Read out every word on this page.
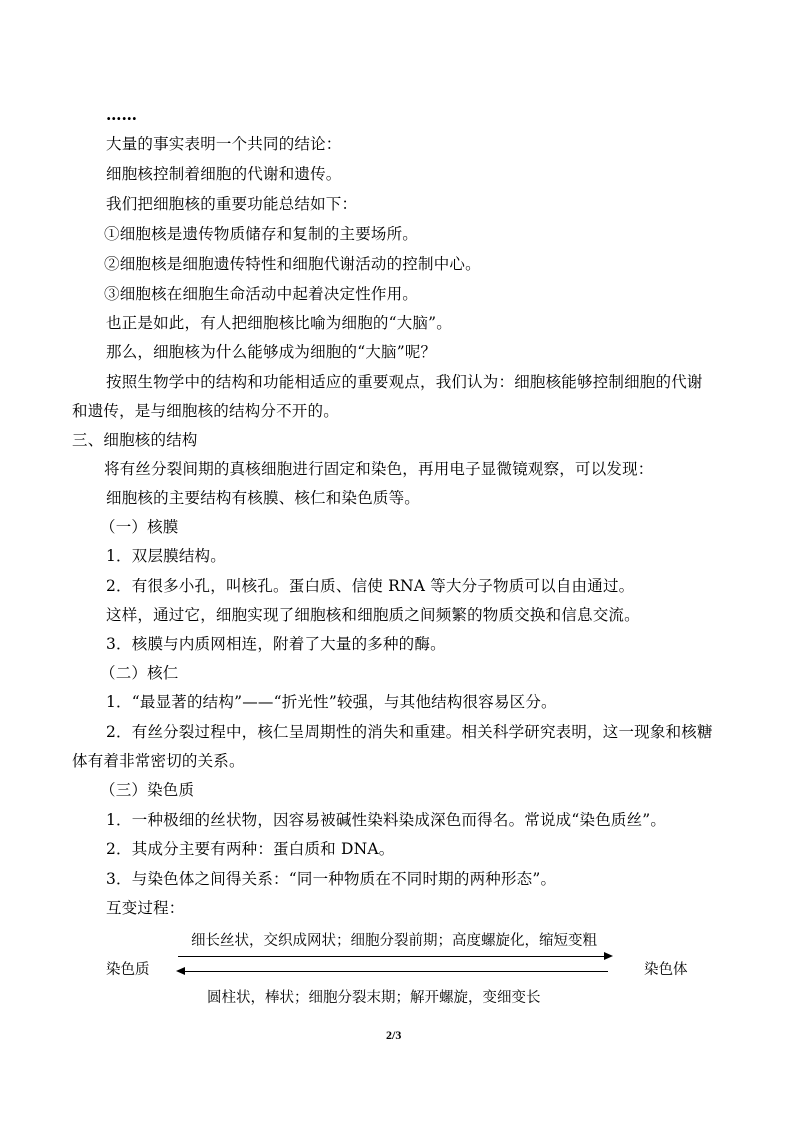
……
大量的事实表明一个共同的结论：
细胞核控制着细胞的代谢和遗传。
我们把细胞核的重要功能总结如下：
①细胞核是遗传物质储存和复制的主要场所。
②细胞核是细胞遗传特性和细胞代谢活动的控制中心。
③细胞核在细胞生命活动中起着决定性作用。
也正是如此，有人把细胞核比喻为细胞的“大脑”。
那么，细胞核为什么能够成为细胞的“大脑”呢？
按照生物学中的结构和功能相适应的重要观点，我们认为：细胞核能够控制细胞的代谢
和遗传，是与细胞核的结构分不开的。
三、细胞核的结构
将有丝分裂间期的真核细胞进行固定和染色，再用电子显微镜观察，可以发现：
细胞核的主要结构有核膜、核仁和染色质等。
（一）核膜
1．双层膜结构。
2．有很多小孔，叫核孔。蛋白质、信使 RNA 等大分子物质可以自由通过。
这样，通过它，细胞实现了细胞核和细胞质之间频繁的物质交换和信息交流。
3．核膜与内质网相连，附着了大量的多种的酶。
（二）核仁
1．“最显著的结构”——“折光性”较强，与其他结构很容易区分。
2．有丝分裂过程中，核仁呈周期性的消失和重建。相关科学研究表明，这一现象和核糖
体有着非常密切的关系。
（三）染色质
1．一种极细的丝状物，因容易被碱性染料染成深色而得名。常说成“染色质丝”。
2．其成分主要有两种：蛋白质和 DNA。
3．与染色体之间得关系：“同一种物质在不同时期的两种形态”。
互变过程：
细长丝状，交织成网状；细胞分裂前期；高度螺旋化，缩短变粗
染色质	染色体
圆柱状，棒状；细胞分裂末期；解开螺旋，变细变长
2/3
